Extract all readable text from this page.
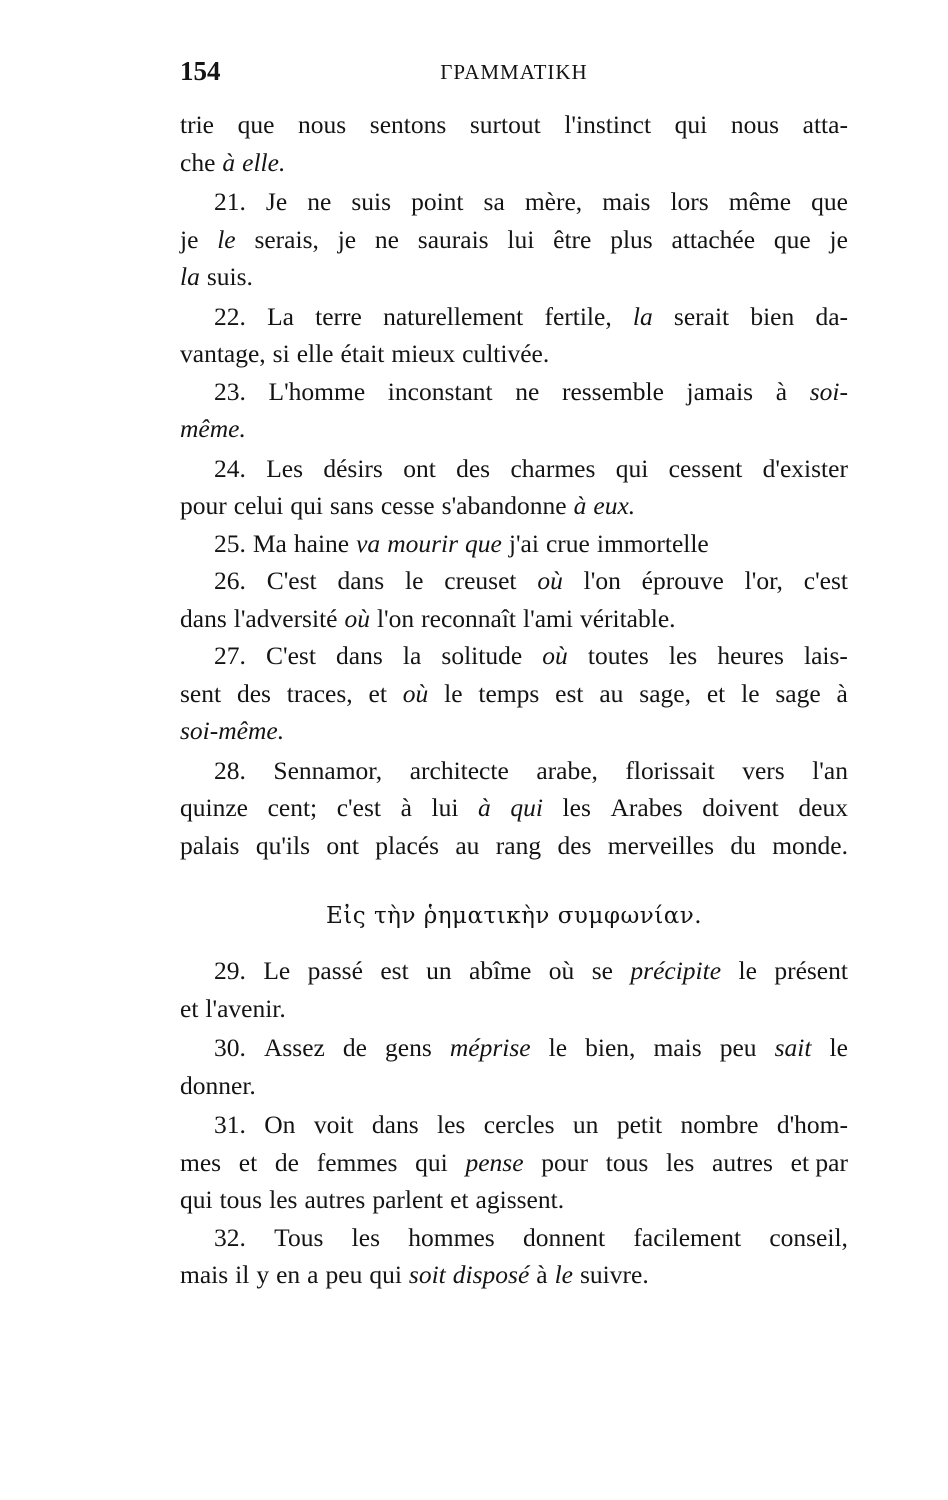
154	ΓΡΑΜΜΑΤΙΚΗ
trie que nous sentons surtout l'instinct qui nous atta-
che à elle.
21. Je ne suis point sa mère, mais lors même que
je le serais, je ne saurais lui être plus attachée que je
la suis.
22. La terre naturellement fertile, la serait bien da-
vantage, si elle était mieux cultivée.
23. L'homme inconstant ne ressemble jamais à soi-
même.
24. Les désirs ont des charmes qui cessent d'exister
pour celui qui sans cesse s'abandonne à eux.
25. Ma haine va mourir que j'ai crue immortelle
26. C'est dans le creuset où l'on éprouve l'or, c'est
dans l'adversité où l'on reconnaît l'ami véritable.
27. C'est dans la solitude où toutes les heures lais-
sent des traces, et où le temps est au sage, et le sage à
soi-même.
28. Sennamor, architecte arabe, florissait vers l'an
quinze cent; c'est à lui à qui les Arabes doivent deux
palais qu'ils ont placés au rang des merveilles du monde.
Εἰς τὴν ῥηματικὴν συμφωνίαν.
29. Le passé est un abîme où se précipite le présent
et l'avenir.
30. Assez de gens méprise le bien, mais peu sait le
donner.
31. On voit dans les cercles un petit nombre d'hom-
mes et de femmes qui pense pour tous les autres et par
qui tous les autres parlent et agissent.
32. Tous les hommes donnent facilement conseil,
mais il y en a peu qui soit disposé à le suivre.
